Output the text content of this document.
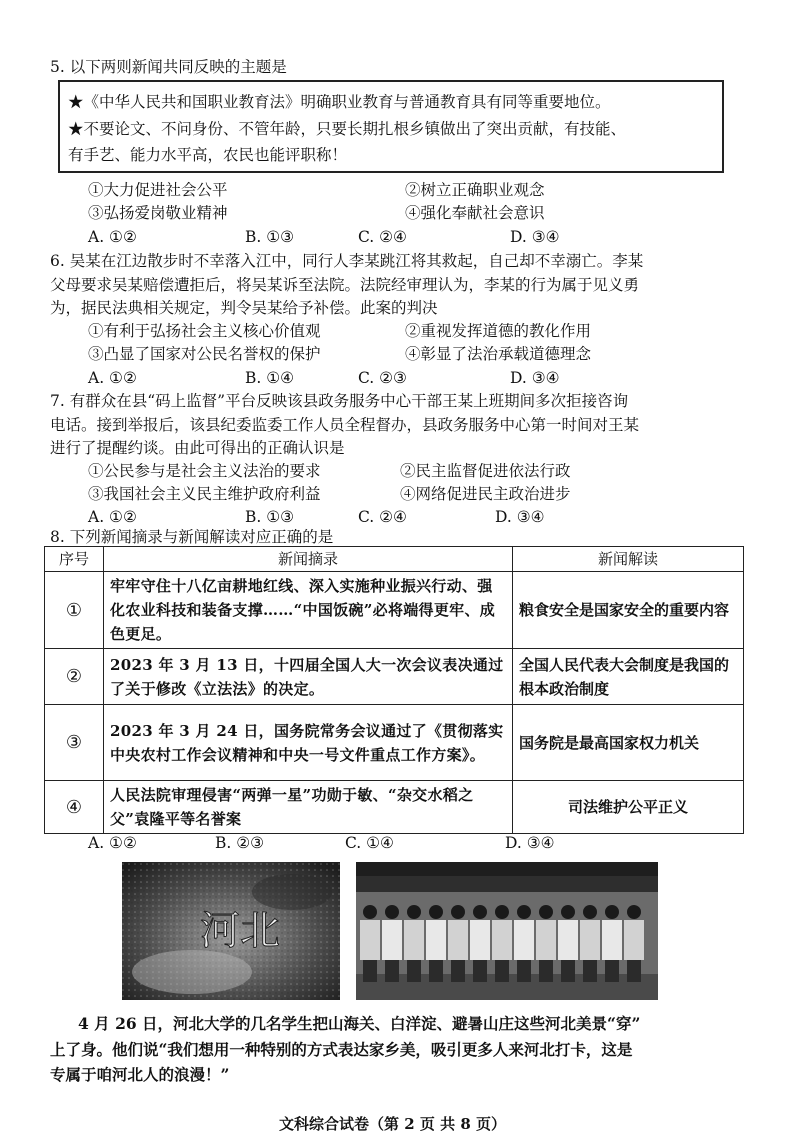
5. 以下两则新闻共同反映的主题是
★《中华人民共和国职业教育法》明确职业教育与普通教育具有同等重要地位。
★不要论文、不问身份、不管年龄，只要长期扎根乡镇做出了突出贡献，有技能、
有手艺、能力水平高，农民也能评职称！
①大力促进社会公平	②树立正确职业观念
③弘扬爱岗敬业精神	④强化奉献社会意识
A. ①②	B. ①③	C. ②④	D. ③④
6. 吴某在江边散步时不幸落入江中，同行人李某跳江将其救起，自己却不幸溺亡。李某
父母要求吴某赔偿遭拒后，将吴某诉至法院。法院经审理认为，李某的行为属于见义勇
为，据民法典相关规定，判令吴某给予补偿。此案的判决
①有利于弘扬社会主义核心价值观	②重视发挥道德的教化作用
③凸显了国家对公民名誉权的保护	④彰显了法治承载道德理念
A. ①②	B. ①④	C. ②③	D. ③④
7. 有群众在县“码上监督”平台反映该县政务服务中心干部王某上班期间多次拒接咨询
电话。接到举报后，该县纪委监委工作人员全程督办，县政务服务中心第一时间对王某
进行了提醒约谈。由此可得出的正确认识是
①公民参与是社会主义法治的要求	②民主监督促进依法行政
③我国社会主义民主维护政府利益	④网络促进民主政治进步
A. ①②	B. ①③	C. ②④	D. ③④
8. 下列新闻摘录与新闻解读对应正确的是
序号	新闻摘录	新闻解读
①	牢牢守住十八亿亩耕地红线、深入实施种业振兴行动、强化农业科技和装备支撑……“中国饭碗”必将端得更牢、成色更足。	粮食安全是国家安全的重要内容
②	2023 年 3 月 13 日，十四届全国人大一次会议表决通过了关于修改《立法法》的决定。	全国人民代表大会制度是我国的根本政治制度
③	2023 年 3 月 24 日，国务院常务会议通过了《贯彻落实中央农村工作会议精神和中央一号文件重点工作方案》。	国务院是最高国家权力机关
④	人民法院审理侵害“两弹一星”功勋于敏、“杂交水稻之父”袁隆平等名誉案	司法维护公平正义
A. ①②	B. ②③	C. ①④	D. ③④
河北
4 月 26 日，河北大学的几名学生把山海关、白洋淀、避暑山庄这些河北美景“穿”
上了身。他们说“我们想用一种特别的方式表达家乡美，吸引更多人来河北打卡，这是
专属于咱河北人的浪漫！”
文科综合试卷（第 2 页 共 8 页）
